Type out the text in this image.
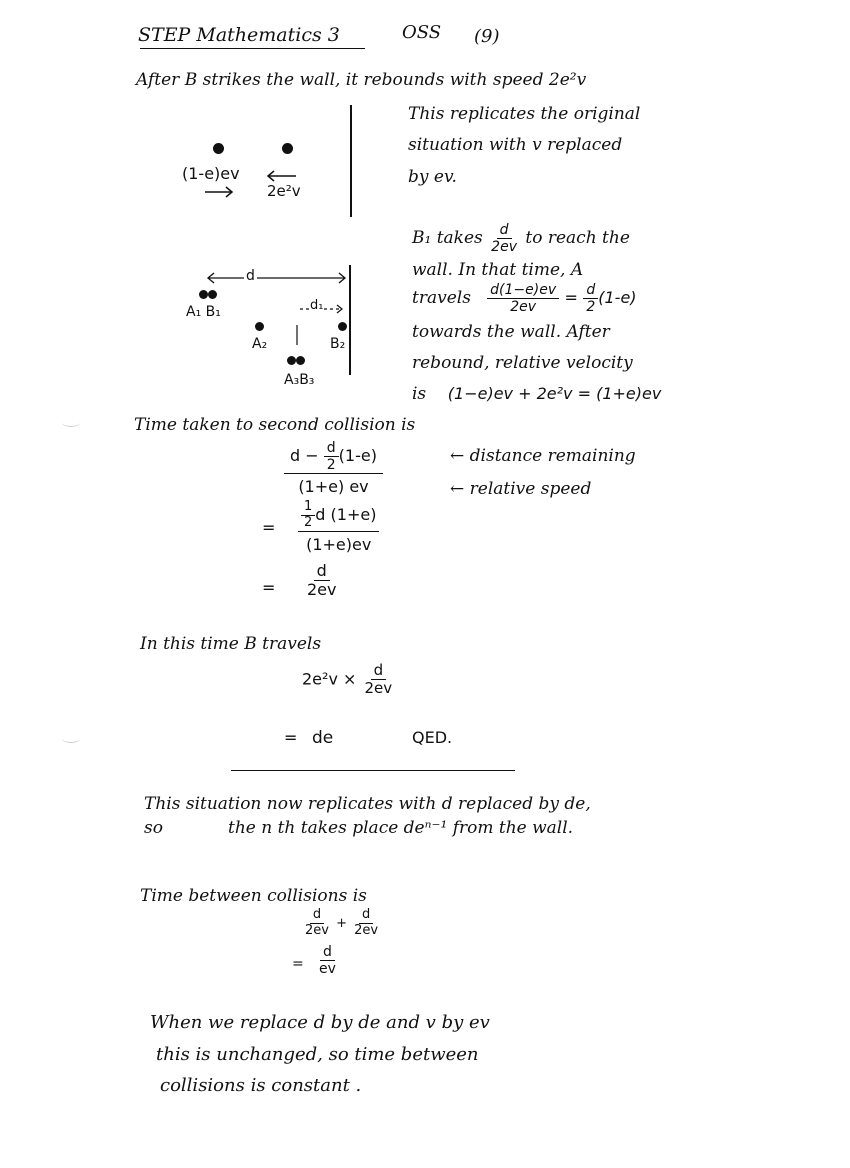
STEP Mathematics 3	OSS (9)
After B strikes the wall, it rebounds with speed 2e²v
(1-e)ev
2e²v
This replicates the original
situation with v replaced
by ev.
d
A₁ B₁	d₁
A₂	B₂
A₃B₃
B₁ takes $\frac{d}{2ev}$ to reach the
wall. In that time, A
travels $\frac{d(1-e)ev}{2ev} = \frac{d}{2} (1-e)$
towards the wall. After
rebound, relative velocity
is (1−e)ev + 2e²v = (1+e)ev
Time taken to second collision is
$\frac{d - \frac{d}{2} (1-e)}{(1+e) ev}$	← distance remaining
← relative speed
= $\frac{\frac{1}{2} d (1+e)}{(1+e)ev}$
= $\frac{d}{2ev}$
In this time B travels
$2e^2v \times \frac{d}{2ev}$
= de	QED.
This situation now replicates with d replaced by de,
so	the n th takes place deⁿ⁻¹ from the wall.
Time between collisions is
$\frac{d}{2ev} + \frac{d}{2ev}$
= $\frac{d}{ev}$
When we replace d by de and v by ev
this is unchanged, so time between
collisions is constant .
